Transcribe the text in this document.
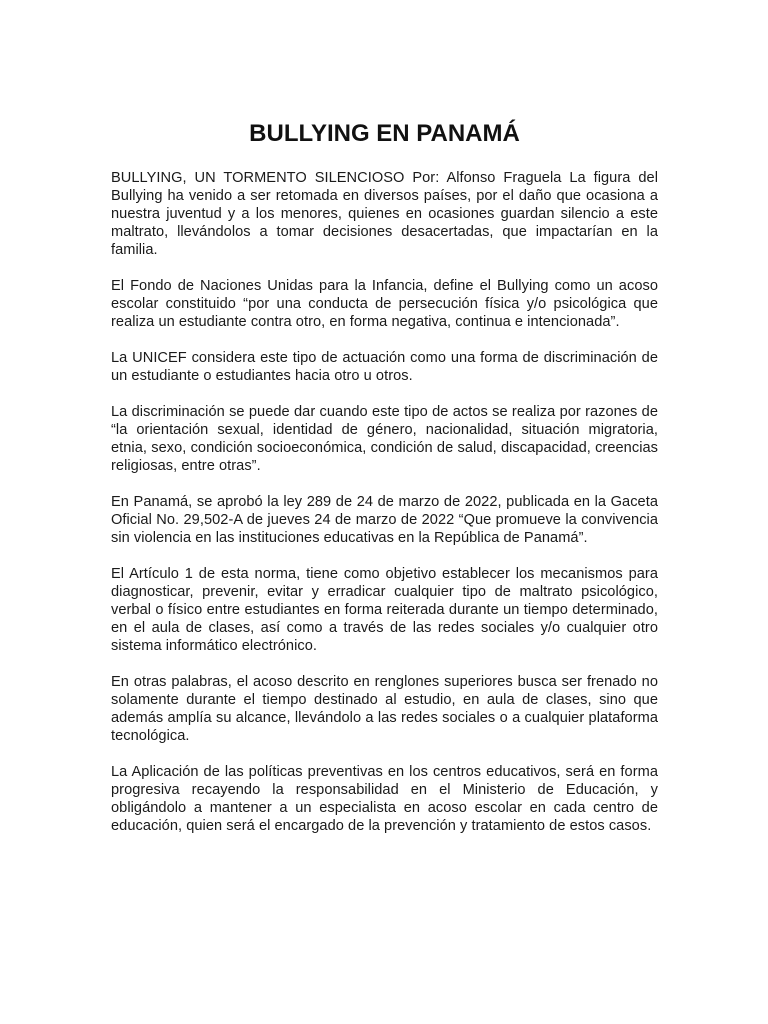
BULLYING EN PANAMÁ

BULLYING, UN TORMENTO SILENCIOSO Por: Alfonso Fraguela La figura del Bullying ha venido a ser retomada en diversos países, por el daño que ocasiona a nuestra juventud y a los menores, quienes en ocasiones guardan silencio a este maltrato, llevándolos a tomar decisiones desacertadas, que impactarían en la familia.

El Fondo de Naciones Unidas para la Infancia, define el Bullying como un acoso escolar constituido “por una conducta de persecución física y/o psicológica que realiza un estudiante contra otro, en forma negativa, continua e intencionada”.

La UNICEF considera este tipo de actuación como una forma de discriminación de un estudiante o estudiantes hacia otro u otros.

La discriminación se puede dar cuando este tipo de actos se realiza por razones de “la orientación sexual, identidad de género, nacionalidad, situación migratoria, etnia, sexo, condición socioeconómica, condición de salud, discapacidad, creencias religiosas, entre otras”.

En Panamá, se aprobó la ley 289 de 24 de marzo de 2022, publicada en la Gaceta Oficial No. 29,502-A de jueves 24 de marzo de 2022 “Que promueve la convivencia sin violencia en las instituciones educativas en la República de Panamá”.

El Artículo 1 de esta norma, tiene como objetivo establecer los mecanismos para diagnosticar, prevenir, evitar y erradicar cualquier tipo de maltrato psicológico, verbal o físico entre estudiantes en forma reiterada durante un tiempo determinado, en el aula de clases, así como a través de las redes sociales y/o cualquier otro sistema informático electrónico.

En otras palabras, el acoso descrito en renglones superiores busca ser frenado no solamente durante el tiempo destinado al estudio, en aula de clases, sino que además amplía su alcance, llevándolo a las redes sociales o a cualquier plataforma tecnológica.

La Aplicación de las políticas preventivas en los centros educativos, será en forma progresiva recayendo la responsabilidad en el Ministerio de Educación, y obligándolo a mantener a un especialista en acoso escolar en cada centro de educación, quien será el encargado de la prevención y tratamiento de estos casos.
